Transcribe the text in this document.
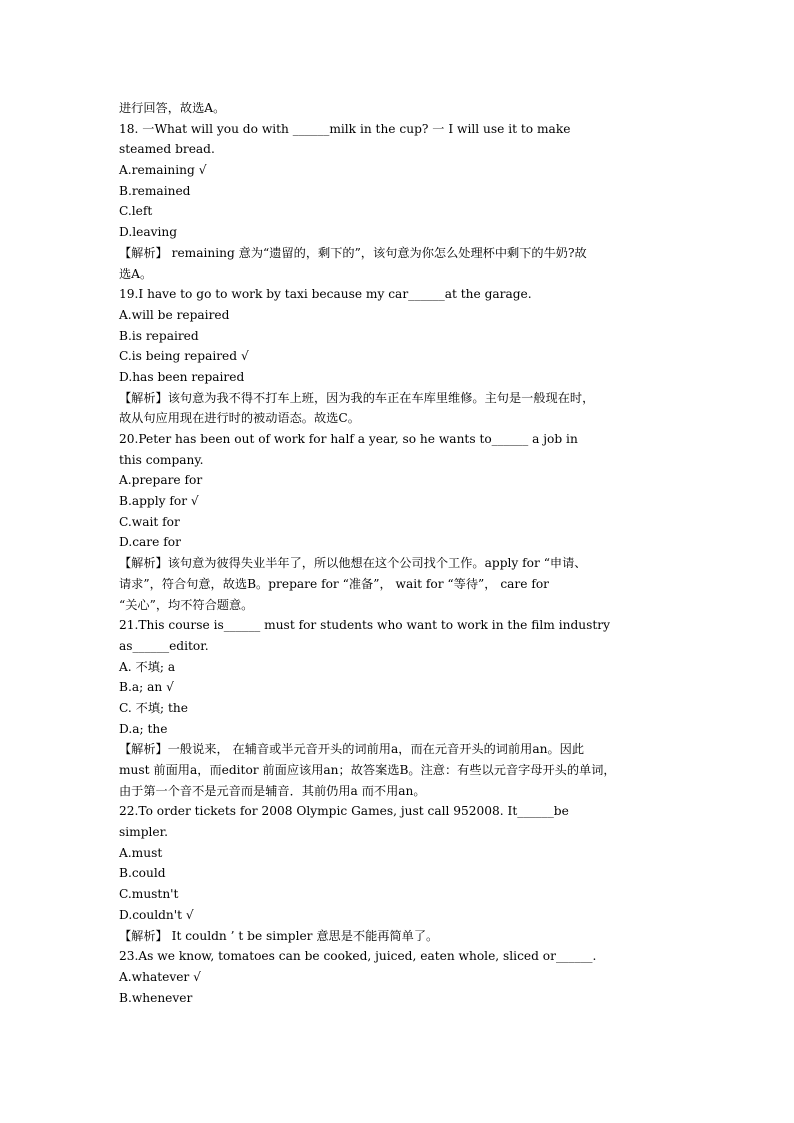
进行回答，故选A。
18. 一What will you do with ______milk in the cup? 一 I will use it to make
steamed bread.
A.remaining √
B.remained
C.left
D.leaving
【解析】 remaining 意为“遗留的，剩下的”，该句意为你怎么处理杯中剩下的牛奶?故
选A。
19.I have to go to work by taxi because my car______at the garage.
A.will be repaired
B.is repaired
C.is being repaired √
D.has been repaired
【解析】该句意为我不得不打车上班，因为我的车正在车库里维修。主句是一般现在时，
故从句应用现在进行时的被动语态。故选C。
20.Peter has been out of work for half a year, so he wants to______ a job in
this company.
A.prepare for
B.apply for √
C.wait for
D.care for
【解析】该句意为彼得失业半年了，所以他想在这个公司找个工作。apply for “申请、
请求”，符合句意，故选B。prepare for “准备”， wait for “等待”， care for
“关心”，均不符合题意。
21.This course is______ must for students who want to work in the film industry
as______editor.
A. 不填; a
B.a; an √
C. 不填; the
D.a; the
【解析】一般说来， 在辅音或半元音开头的词前用a，而在元音开头的词前用an。因此
must 前面用a，而editor 前面应该用an；故答案选B。注意：有些以元音字母开头的单词，
由于第一个音不是元音而是辅音．其前仍用a 而不用an。
22.To order tickets for 2008 Olympic Games, just call 952008. It______be
simpler.
A.must
B.could
C.mustn't
D.couldn't √
【解析】 It couldn ’ t be simpler 意思是不能再简单了。
23.As we know, tomatoes can be cooked, juiced, eaten whole, sliced or______.
A.whatever √
B.whenever
